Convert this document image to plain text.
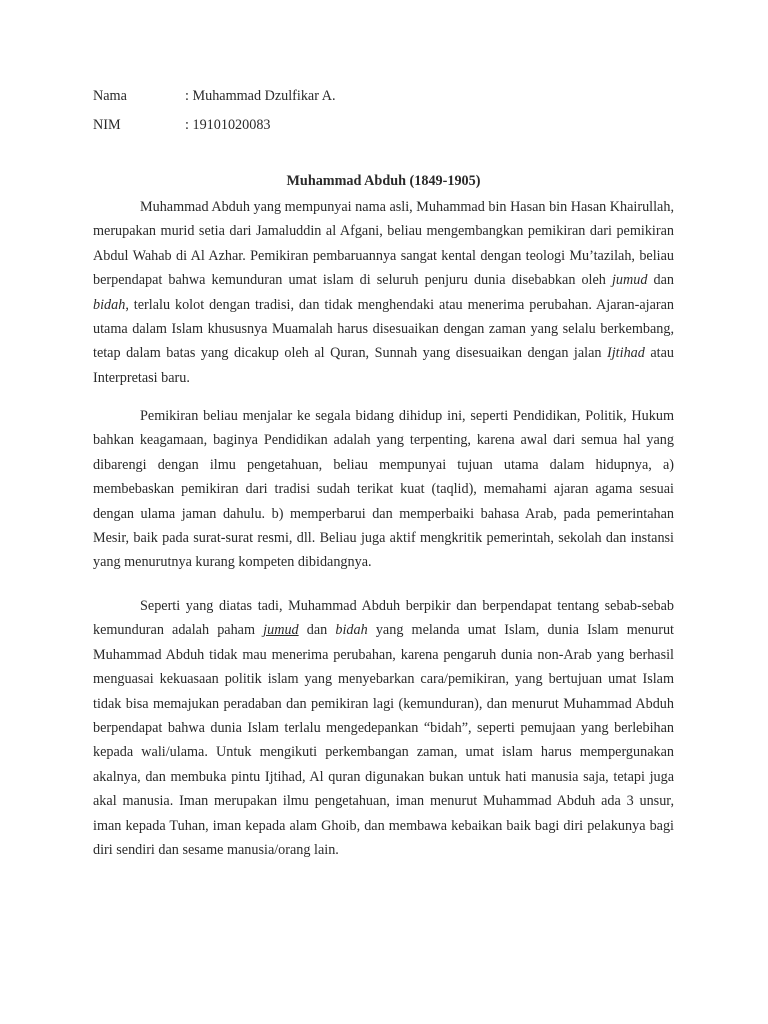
Nama	: Muhammad Dzulfikar A.
NIM	: 19101020083
Muhammad Abduh (1849-1905)

Muhammad Abduh yang mempunyai nama asli, Muhammad bin Hasan bin Hasan Khairullah, merupakan murid setia dari Jamaluddin al Afgani, beliau mengembangkan pemikiran dari pemikiran Abdul Wahab di Al Azhar. Pemikiran pembaruannya sangat kental dengan teologi Mu’tazilah, beliau berpendapat bahwa kemunduran umat islam di seluruh penjuru dunia disebabkan oleh jumud dan bidah, terlalu kolot dengan tradisi, dan tidak menghendaki atau menerima perubahan. Ajaran-ajaran utama dalam Islam khususnya Muamalah harus disesuaikan dengan zaman yang selalu berkembang, tetap dalam batas yang dicakup oleh al Quran, Sunnah yang disesuaikan dengan jalan Ijtihad atau Interpretasi baru.

Pemikiran beliau menjalar ke segala bidang dihidup ini, seperti Pendidikan, Politik, Hukum bahkan keagamaan, baginya Pendidikan adalah yang terpenting, karena awal dari semua hal yang dibarengi dengan ilmu pengetahuan, beliau mempunyai tujuan utama dalam hidupnya, a) membebaskan pemikiran dari tradisi sudah terikat kuat (taqlid), memahami ajaran agama sesuai dengan ulama jaman dahulu. b) memperbarui dan memperbaiki bahasa Arab, pada pemerintahan Mesir, baik pada surat-surat resmi, dll. Beliau juga aktif mengkritik pemerintah, sekolah dan instansi yang menurutnya kurang kompeten dibidangnya.

Seperti yang diatas tadi, Muhammad Abduh berpikir dan berpendapat tentang sebab-sebab kemunduran adalah paham jumud dan bidah yang melanda umat Islam, dunia Islam menurut Muhammad Abduh tidak mau menerima perubahan, karena pengaruh dunia non-Arab yang berhasil menguasai kekuasaan politik islam yang menyebarkan cara/pemikiran, yang bertujuan umat Islam tidak bisa memajukan peradaban dan pemikiran lagi (kemunduran), dan menurut Muhammad Abduh berpendapat bahwa dunia Islam terlalu mengedepankan “bidah”, seperti pemujaan yang berlebihan kepada wali/ulama. Untuk mengikuti perkembangan zaman, umat islam harus mempergunakan akalnya, dan membuka pintu Ijtihad, Al quran digunakan bukan untuk hati manusia saja, tetapi juga akal manusia. Iman merupakan ilmu pengetahuan, iman menurut Muhammad Abduh ada 3 unsur, iman kepada Tuhan, iman kepada alam Ghoib, dan membawa kebaikan baik bagi diri pelakunya bagi diri sendiri dan sesame manusia/orang lain.
